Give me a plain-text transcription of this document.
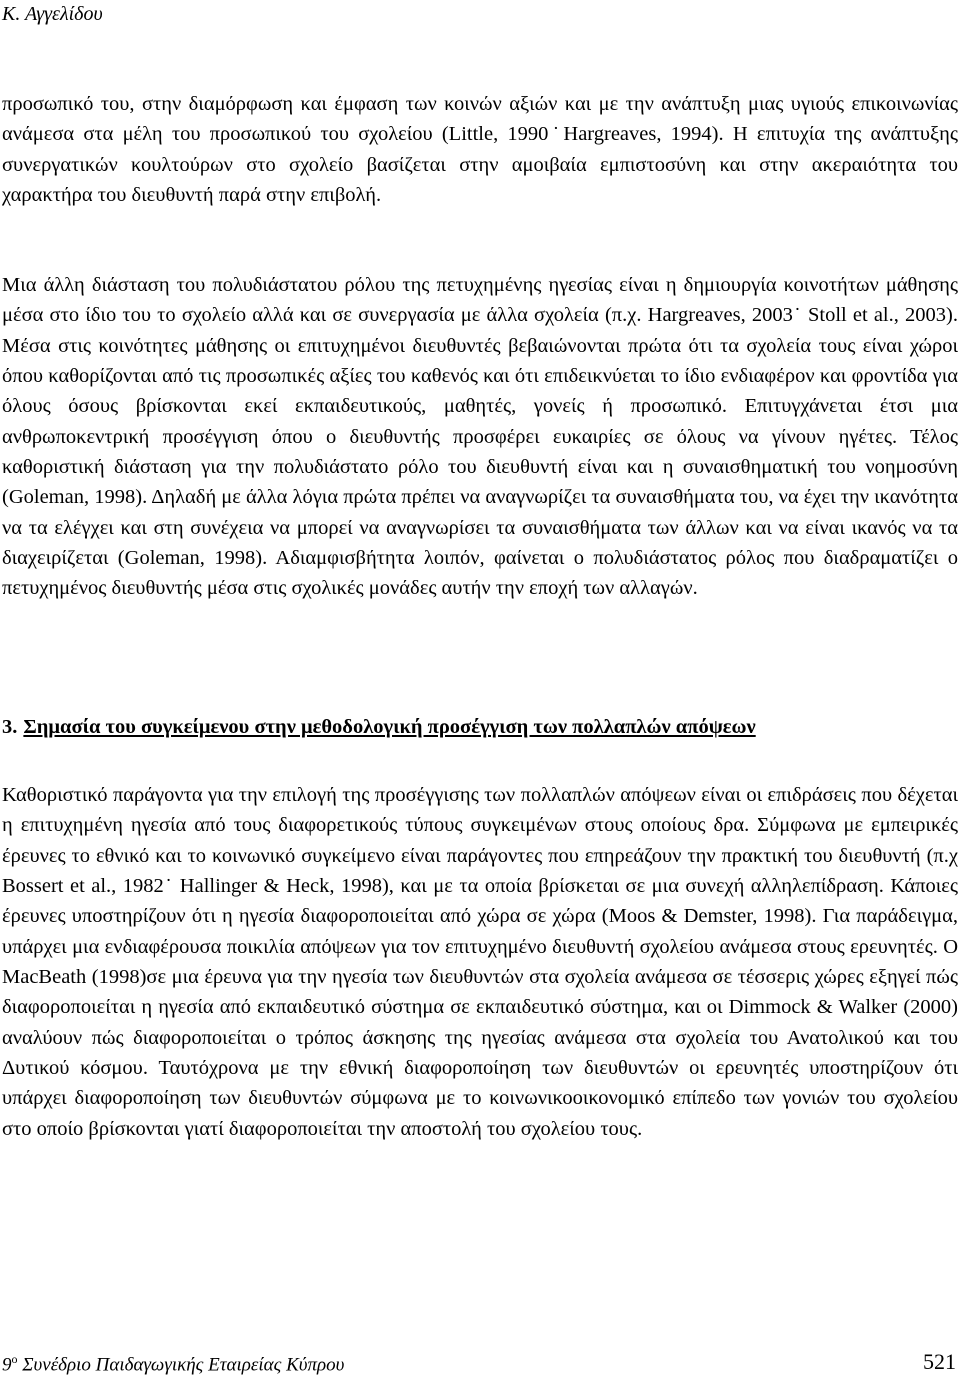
Κ. Αγγελίδου

προσωπικό του, στην διαμόρφωση και έμφαση των κοινών αξιών και με την ανάπτυξη μιας υγιούς επικοινωνίας ανάμεσα στα μέλη του προσωπικού του σχολείου (Little, 1990˙Hargreaves, 1994). Η επιτυχία της ανάπτυξης συνεργατικών κουλτούρων στο σχολείο βασίζεται στην αμοιβαία εμπιστοσύνη και στην ακεραιότητα του χαρακτήρα του διευθυντή παρά στην επιβολή.

Μια άλλη διάσταση του πολυδιάστατου ρόλου της πετυχημένης ηγεσίας είναι η δημιουργία κοινοτήτων μάθησης μέσα στο ίδιο του το σχολείο αλλά και σε συνεργασία με άλλα σχολεία (π.χ. Hargreaves, 2003˙ Stoll et al., 2003). Μέσα στις κοινότητες μάθησης οι επιτυχημένοι διευθυντές βεβαιώνονται πρώτα ότι τα σχολεία τους είναι χώροι όπου καθορίζονται από τις προσωπικές αξίες του καθενός και ότι επιδεικνύεται το ίδιο ενδιαφέρον και φροντίδα για όλους όσους βρίσκονται εκεί εκπαιδευτικούς, μαθητές, γονείς ή προσωπικό. Επιτυγχάνεται έτσι μια ανθρωποκεντρική προσέγγιση όπου ο διευθυντής προσφέρει ευκαιρίες σε όλους να γίνουν ηγέτες. Τέλος καθοριστική διάσταση για την πολυδιάστατο ρόλο του διευθυντή είναι και η συναισθηματική του νοημοσύνη (Goleman, 1998). Δηλαδή με άλλα λόγια πρώτα πρέπει να αναγνωρίζει τα συναισθήματα του, να έχει την ικανότητα να τα ελέγχει και στη συνέχεια να μπορεί να αναγνωρίσει τα συναισθήματα των άλλων και να είναι ικανός να τα διαχειρίζεται (Goleman, 1998). Αδιαμφισβήτητα λοιπόν, φαίνεται ο πολυδιάστατος ρόλος που διαδραματίζει ο πετυχημένος διευθυντής μέσα στις σχολικές μονάδες αυτήν την εποχή των αλλαγών.

3. Σημασία του συγκείμενου στην μεθοδολογική προσέγγιση των πολλαπλών απόψεων

Καθοριστικό παράγοντα για την επιλογή της προσέγγισης των πολλαπλών απόψεων είναι οι επιδράσεις που δέχεται η επιτυχημένη ηγεσία από τους διαφορετικούς τύπους συγκειμένων στους οποίους δρα. Σύμφωνα με εμπειρικές έρευνες το εθνικό και το κοινωνικό συγκείμενο είναι παράγοντες που επηρεάζουν την πρακτική του διευθυντή (π.χ Bossert et al., 1982˙ Hallinger & Heck, 1998), και με τα οποία βρίσκεται σε μια συνεχή αλληλεπίδραση. Κάποιες έρευνες υποστηρίζουν ότι η ηγεσία διαφοροποιείται από χώρα σε χώρα (Moos & Demster, 1998). Για παράδειγμα, υπάρχει μια ενδιαφέρουσα ποικιλία απόψεων για τον επιτυχημένο διευθυντή σχολείου ανάμεσα στους ερευνητές. Ο MacBeath (1998)σε μια έρευνα για την ηγεσία των διευθυντών στα σχολεία ανάμεσα σε τέσσερις χώρες εξηγεί πώς διαφοροποιείται η ηγεσία από εκπαιδευτικό σύστημα σε εκπαιδευτικό σύστημα, και οι Dimmock & Walker (2000) αναλύουν πώς διαφοροποιείται ο τρόπος άσκησης της ηγεσίας ανάμεσα στα σχολεία του Ανατολικού και του Δυτικού κόσμου. Ταυτόχρονα με την εθνική διαφοροποίηση των διευθυντών οι ερευνητές υποστηρίζουν ότι υπάρχει διαφοροποίηση των διευθυντών σύμφωνα με το κοινωνικοοικονομικό επίπεδο των γονιών του σχολείου στο οποίο βρίσκονται γιατί διαφοροποιείται την αποστολή του σχολείου τους.

$9^o$ Συνέδριο Παιδαγωγικής Εταιρείας Κύπρου	521
